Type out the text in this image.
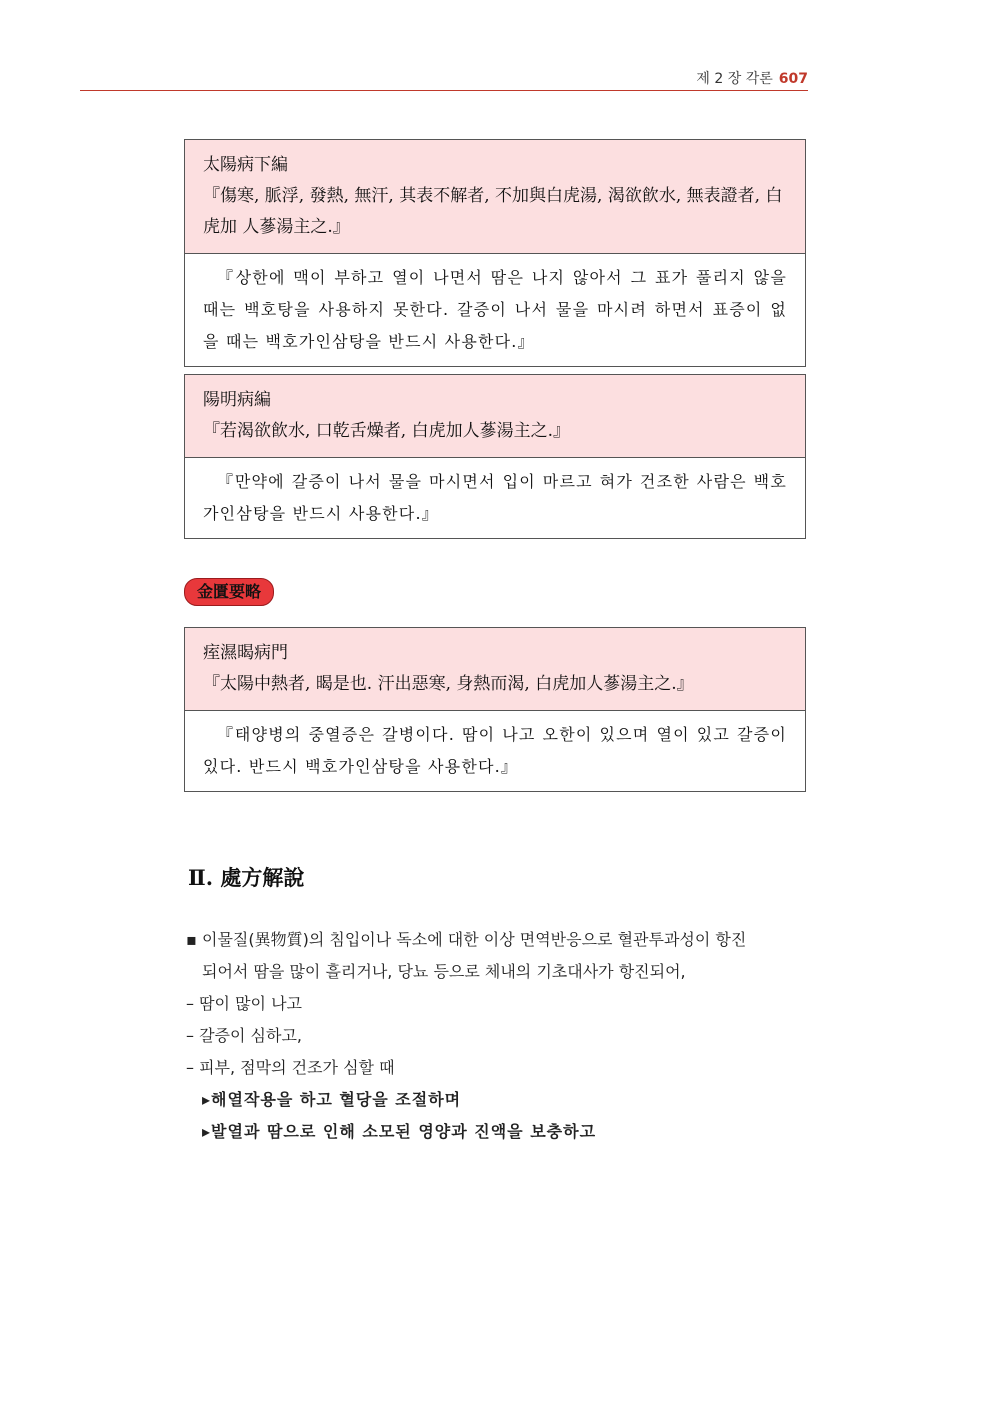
제 2 장 각론 607
太陽病下編
『傷寒, 脈浮, 發熱, 無汗, 其表不解者, 不加與白虎湯, 渴欲飮水, 無表證者, 白虎加 人蔘湯主之.』
『상한에 맥이 부하고 열이 나면서 땀은 나지 않아서 그 표가 풀리지 않을 때는 백호탕을 사용하지 못한다. 갈증이 나서 물을 마시려 하면서 표증이 없을 때는 백호가인삼탕을 반드시 사용한다.』
陽明病編
『若渴欲飮水, 口乾舌燥者, 白虎加人蔘湯主之.』
『만약에 갈증이 나서 물을 마시면서 입이 마르고 혀가 건조한 사람은 백호가인삼탕을 반드시 사용한다.』
金匱要略
痓濕暍病門
『太陽中熱者, 暍是也. 汗出惡寒, 身熱而渴, 白虎加人蔘湯主之.』
『태양병의 중열증은 갈병이다. 땀이 나고 오한이 있으며 열이 있고 갈증이 있다. 반드시 백호가인삼탕을 사용한다.』
Ⅱ. 處方解說
▪ 이물질(異物質)의 침입이나 독소에 대한 이상 면역반응으로 혈관투과성이 항진
되어서 땀을 많이 흘리거나, 당뇨 등으로 체내의 기초대사가 항진되어,
– 땀이 많이 나고
– 갈증이 심하고,
– 피부, 점막의 건조가 심할 때
▸해열작용을 하고 혈당을 조절하며
▸발열과 땀으로 인해 소모된 영양과 진액을 보충하고
